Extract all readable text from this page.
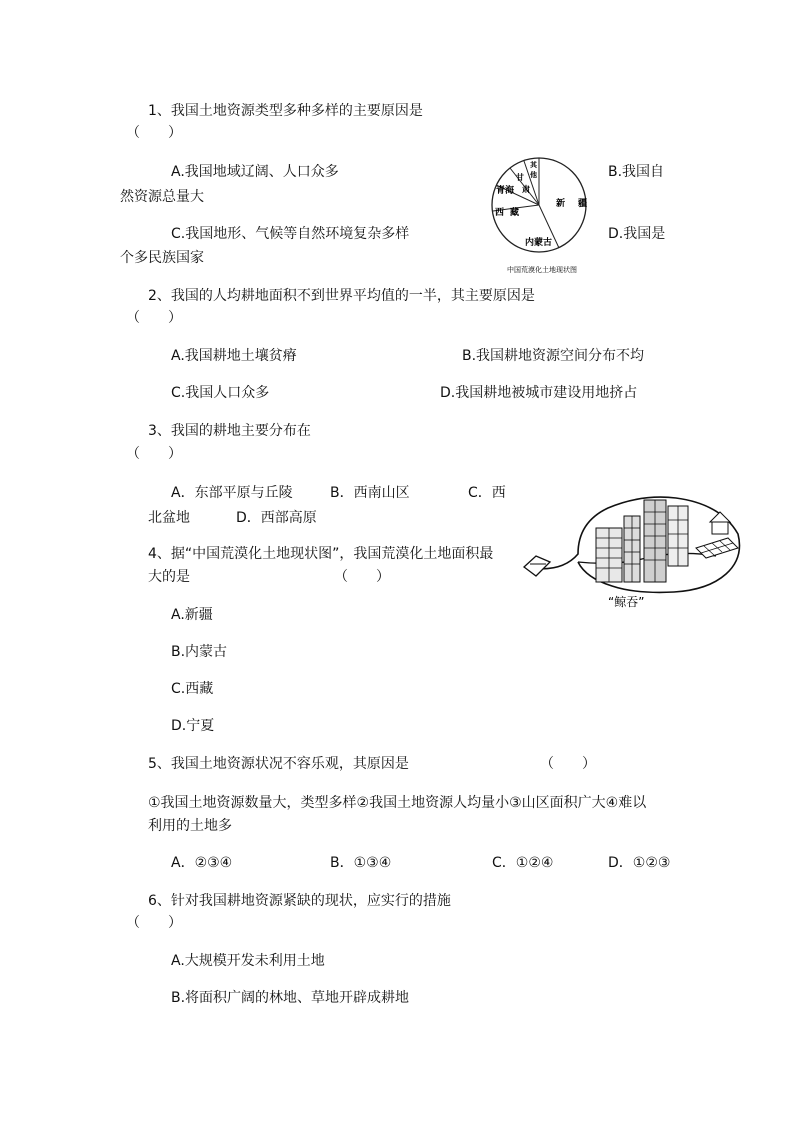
1、我国土地资源类型多种多样的主要原因是
（　　）
A.我国地域辽阔、人口众多	B.我国自
然资源总量大
C.我国地形、气候等自然环境复杂多样	D.我国是
个多民族国家
新 疆
内蒙古
西 藏
青海
甘
肃
其
他
中国荒漠化土地现状图
2、我国的人均耕地面积不到世界平均值的一半，其主要原因是
（　　）
A.我国耕地土壤贫瘠	B.我国耕地资源空间分布不均
C.我国人口众多	D.我国耕地被城市建设用地挤占
3、我国的耕地主要分布在
（　　）
A．东部平原与丘陵	B．西南山区	C．西
北盆地	D．西部高原
“鲸吞”
4、据“中国荒漠化土地现状图”，我国荒漠化土地面积最
大的是	（　　）
A.新疆
B.内蒙古
C.西藏
D.宁夏
5、我国土地资源状况不容乐观，其原因是	（　　）
①我国土地资源数量大，类型多样②我国土地资源人均量小③山区面积广大④难以
利用的土地多
A．②③④	B．①③④	C．①②④	D．①②③
6、针对我国耕地资源紧缺的现状，应实行的措施
（　　）
A.大规模开发未利用土地
B.将面积广阔的林地、草地开辟成耕地
